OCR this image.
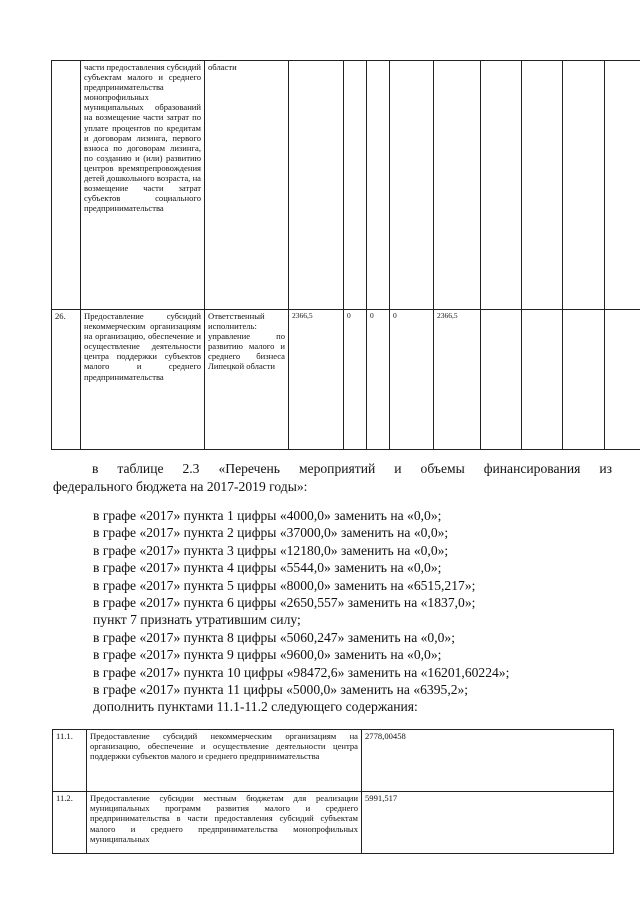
	части предоставления субсидий субъектам малого и среднего предпринимательства монопрофильных муниципальных образований на возмещение части затрат по уплате процентов по кредитам и договорам лизинга, первого взноса по договорам лизинга, по созданию и (или) развитию центров времяпрепровождения детей дошкольного возраста, на возмещение части затрат субъектов социального предпринимательства	области										
26.	Предоставление субсидий некоммерческим организациям на организацию, обеспечение и осуществление деятельности центра поддержки субъектов малого и среднего предпринимательства	Ответственный исполнитель: управление по развитию малого и среднего бизнеса Липецкой области	2366,5	0	0	0	2366,5					
в таблице 2.3 «Перечень мероприятий и объемы финансирования из
федерального бюджета на 2017-2019 годы»:
в графе «2017» пункта 1 цифры «4000,0» заменить на «0,0»;
в графе «2017» пункта 2 цифры «37000,0» заменить на «0,0»;
в графе «2017» пункта 3 цифры «12180,0» заменить на «0,0»;
в графе «2017» пункта 4 цифры «5544,0» заменить на «0,0»;
в графе «2017» пункта 5 цифры «8000,0» заменить на «6515,217»;
в графе «2017» пункта 6 цифры «2650,557» заменить на «1837,0»;
пункт 7 признать утратившим силу;
в графе «2017» пункта 8 цифры «5060,247» заменить на «0,0»;
в графе «2017» пункта 9 цифры «9600,0» заменить на «0,0»;
в графе «2017» пункта 10 цифры «98472,6» заменить на «16201,60224»;
в графе «2017» пункта 11 цифры «5000,0» заменить на «6395,2»;
дополнить пунктами 11.1-11.2 следующего содержания:
11.1.	Предоставление субсидий некоммерческим организациям на организацию, обеспечение и осуществление деятельности центра поддержки субъектов малого и среднего предпринимательства	2778,00458
11.2.	Предоставление субсидии местным бюджетам для реализации муниципальных программ развития малого и среднего предпринимательства в части предоставления субсидий субъектам малого и среднего предпринимательства монопрофильных муниципальных	5991,517
